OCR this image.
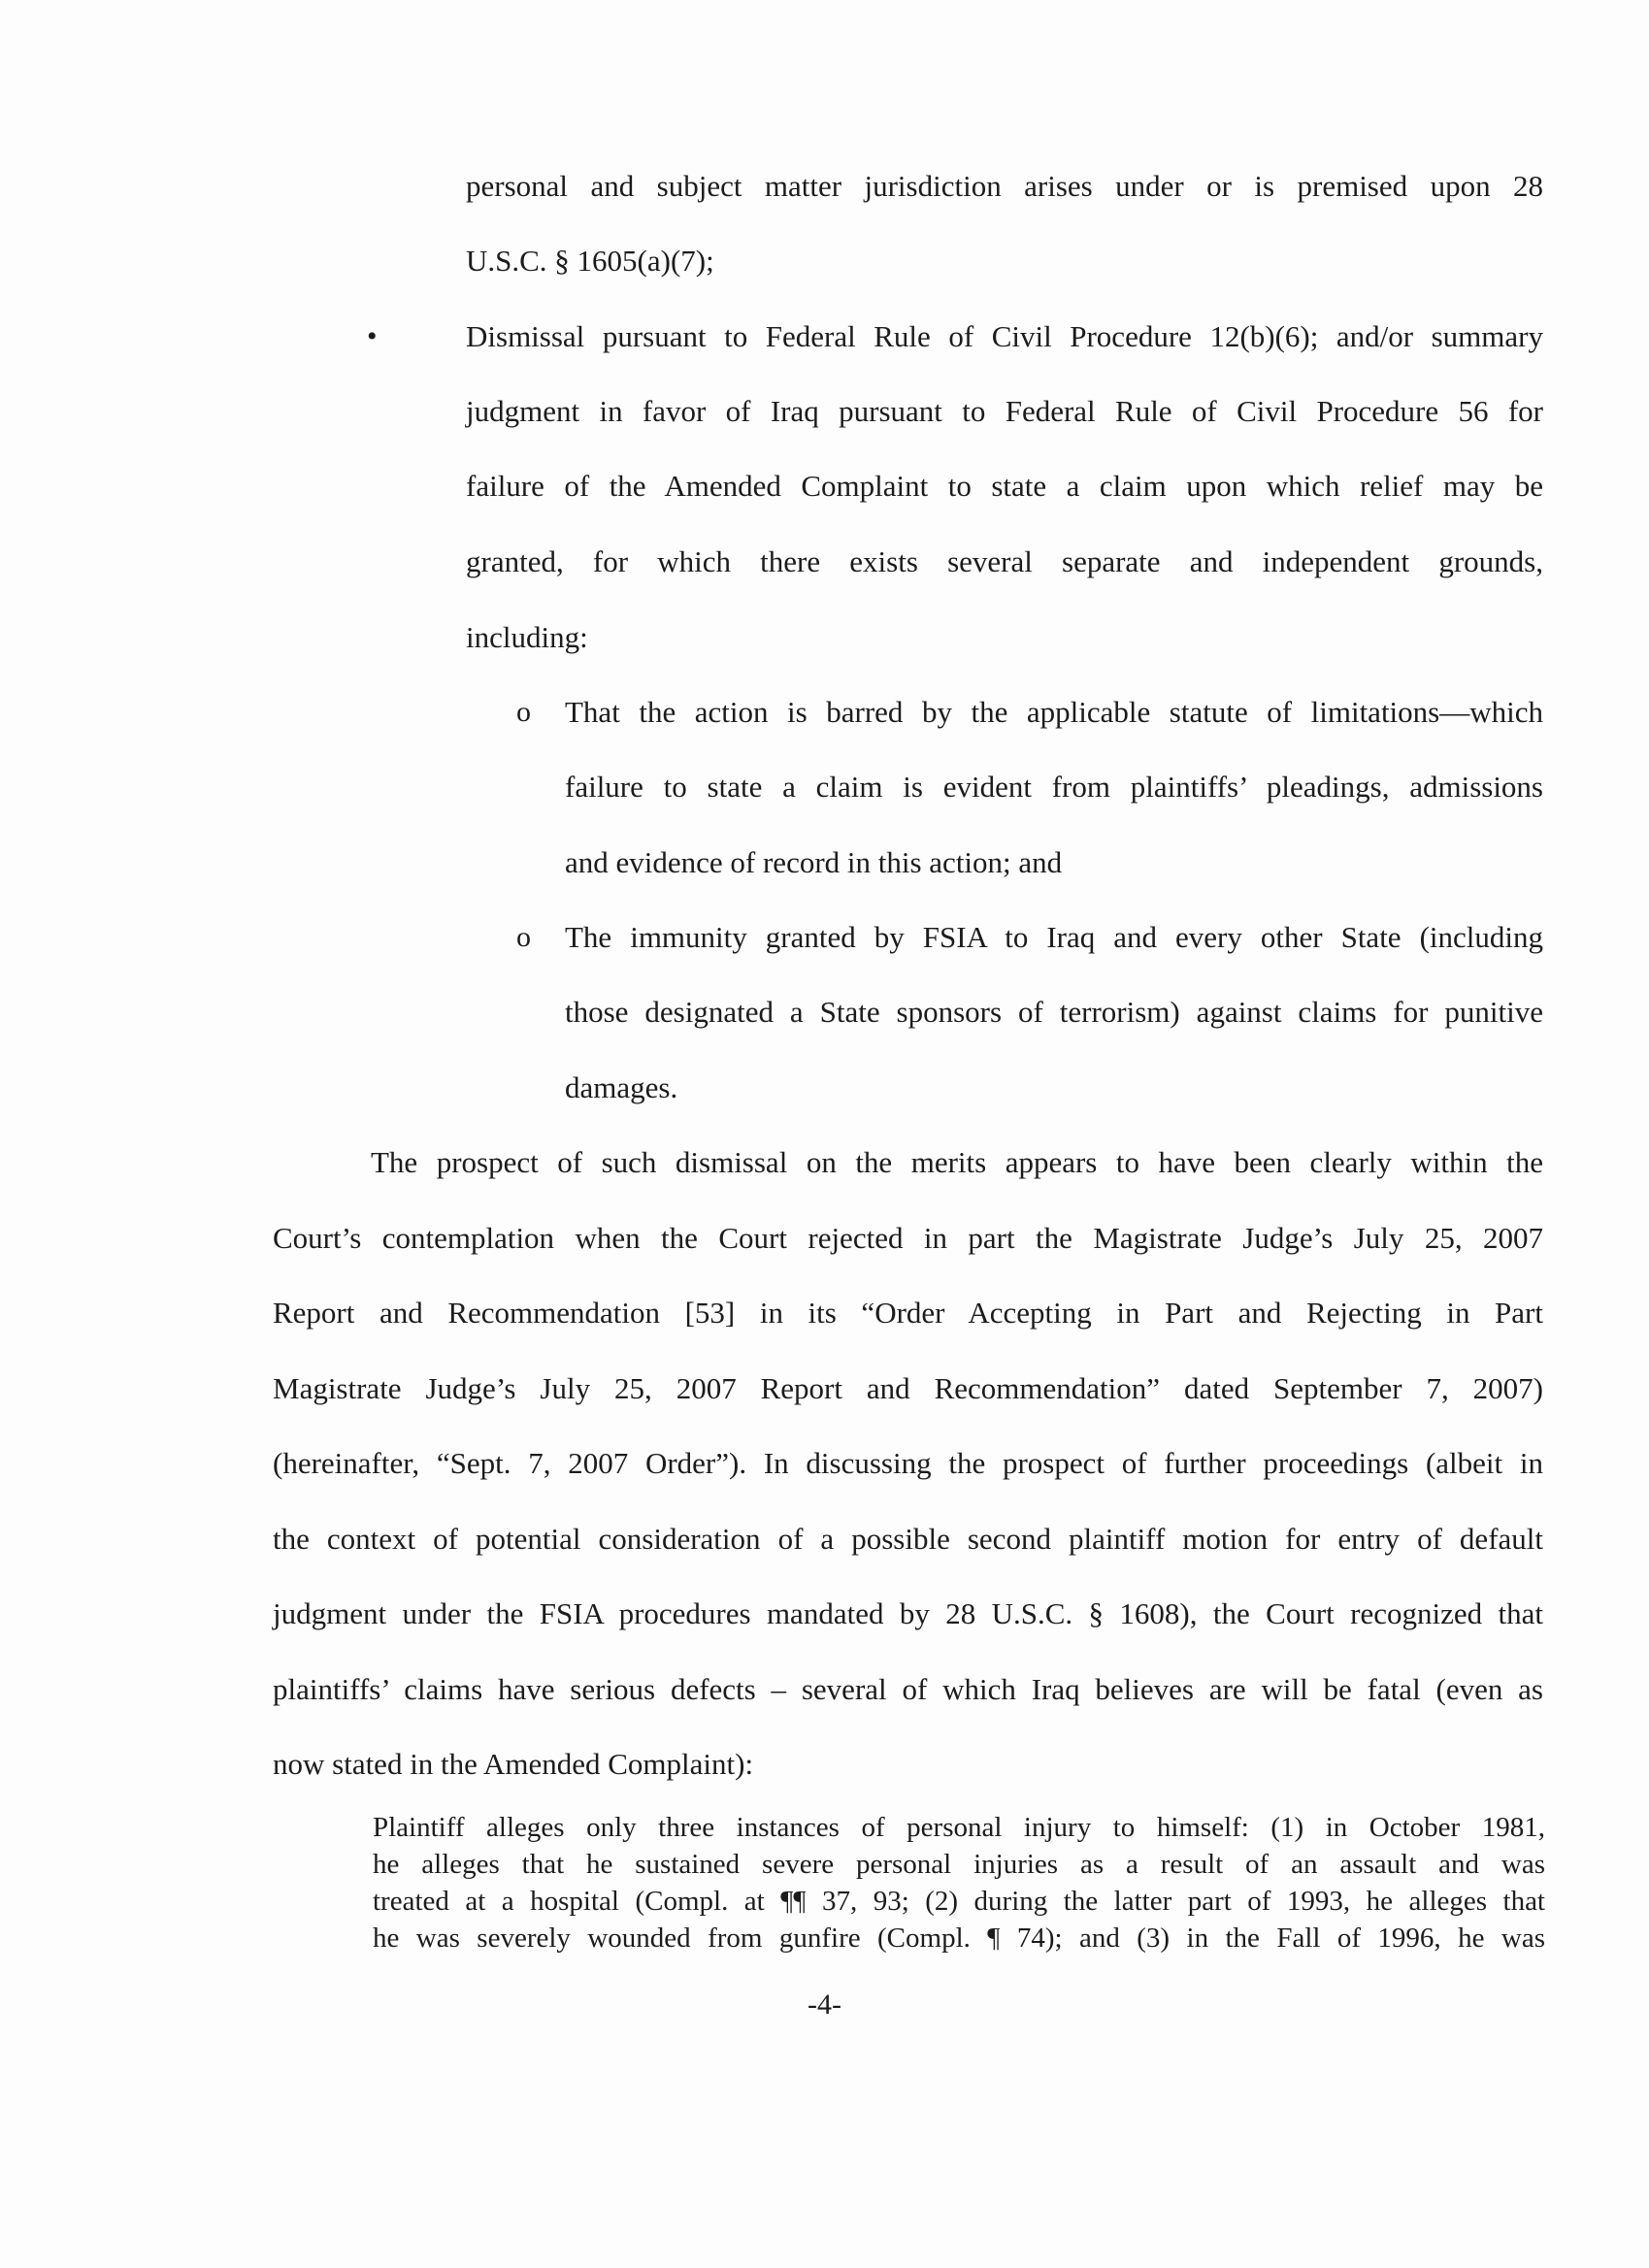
personal and subject matter jurisdiction arises under or is premised upon 28
U.S.C. § 1605(a)(7);
•	Dismissal pursuant to Federal Rule of Civil Procedure 12(b)(6); and/or summary
judgment in favor of Iraq pursuant to Federal Rule of Civil Procedure 56 for
failure of the Amended Complaint to state a claim upon which relief may be
granted, for which there exists several separate and independent grounds,
including:
o That the action is barred by the applicable statute of limitations—which
failure to state a claim is evident from plaintiffs’ pleadings, admissions
and evidence of record in this action; and
o The immunity granted by FSIA to Iraq and every other State (including
those designated a State sponsors of terrorism) against claims for punitive
damages.
The prospect of such dismissal on the merits appears to have been clearly within the
Court’s contemplation when the Court rejected in part the Magistrate Judge’s July 25, 2007
Report and Recommendation [53] in its “Order Accepting in Part and Rejecting in Part
Magistrate Judge’s July 25, 2007 Report and Recommendation” dated September 7, 2007)
(hereinafter, “Sept. 7, 2007 Order”). In discussing the prospect of further proceedings (albeit in
the context of potential consideration of a possible second plaintiff motion for entry of default
judgment under the FSIA procedures mandated by 28 U.S.C. § 1608), the Court recognized that
plaintiffs’ claims have serious defects – several of which Iraq believes are will be fatal (even as
now stated in the Amended Complaint):
Plaintiff alleges only three instances of personal injury to himself: (1) in October 1981,
he alleges that he sustained severe personal injuries as a result of an assault and was
treated at a hospital (Compl. at ¶¶ 37, 93; (2) during the latter part of 1993, he alleges that
he was severely wounded from gunfire (Compl. ¶ 74); and (3) in the Fall of 1996, he was
-4-
